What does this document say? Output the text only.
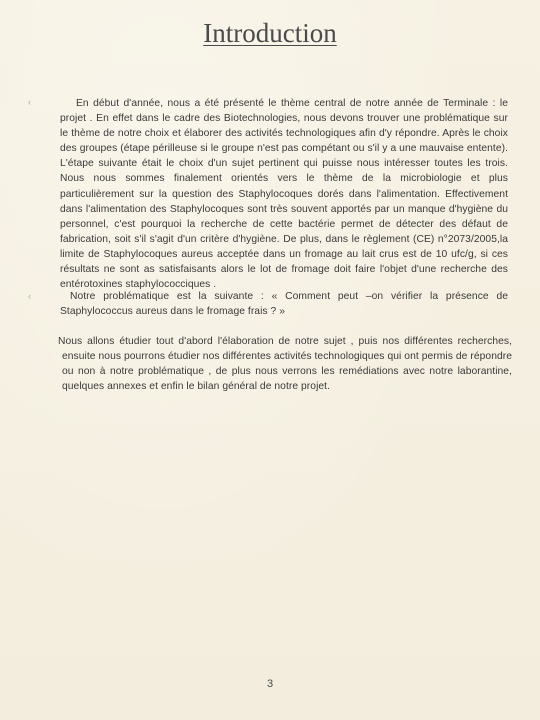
Introduction
‹	En début d'année, nous a été présenté le thème central de notre année de Terminale : le projet . En effet dans le cadre des Biotechnologies, nous devons trouver une problématique sur le thème de notre choix et élaborer des activités technologiques afin d'y répondre. Après le choix des groupes (étape périlleuse si le groupe n'est pas compétant ou s'il y a une mauvaise entente). L'étape suivante était le choix d'un sujet pertinent qui puisse nous intéresser toutes les trois. Nous nous sommes finalement orientés vers le thème de la microbiologie et plus particulièrement sur la question des Staphylocoques dorés dans l'alimentation. Effectivement dans l'alimentation des Staphylocoques sont très souvent apportés par un manque d'hygiène du personnel, c'est pourquoi la recherche de cette bactérie permet de détecter des défaut de fabrication, soit s'il s'agit d'un critère d'hygiène. De plus, dans le règlement (CE) n°2073/2005,la limite de Staphylocoques aureus acceptée dans un fromage au lait crus est de 10 ufc/g, si ces résultats ne sont as satisfaisants alors le lot de fromage doit faire l'objet d'une recherche des entérotoxines staphylococciques .

‹	Notre problématique est la suivante : « Comment peut –on vérifier la présence de Staphylococcus aureus dans le fromage frais ? »

Nous allons étudier tout d'abord l'élaboration de notre sujet , puis nos différentes recherches, ensuite nous pourrons étudier nos différentes activités technologiques qui ont permis de répondre ou non à notre problématique , de plus nous verrons les remédiations avec notre laborantine, quelques annexes et enfin le bilan général de notre projet.

3
